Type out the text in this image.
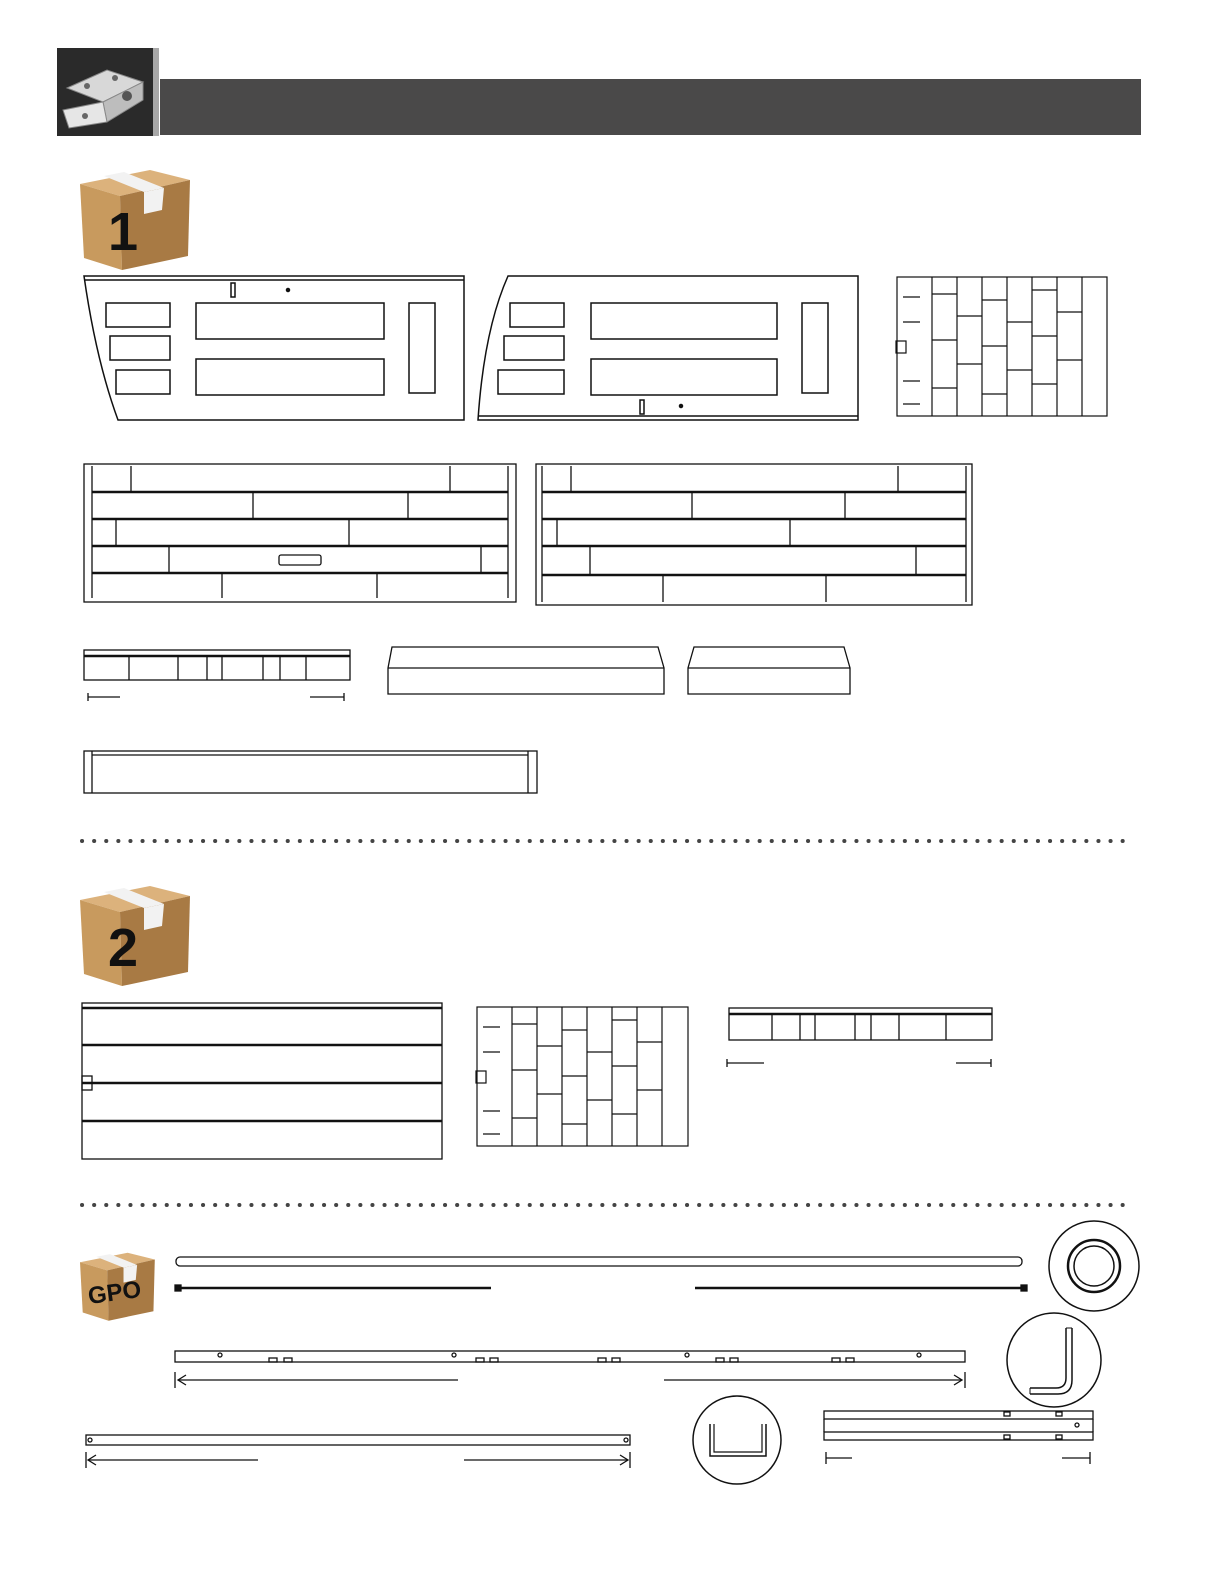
1
2
GPO
